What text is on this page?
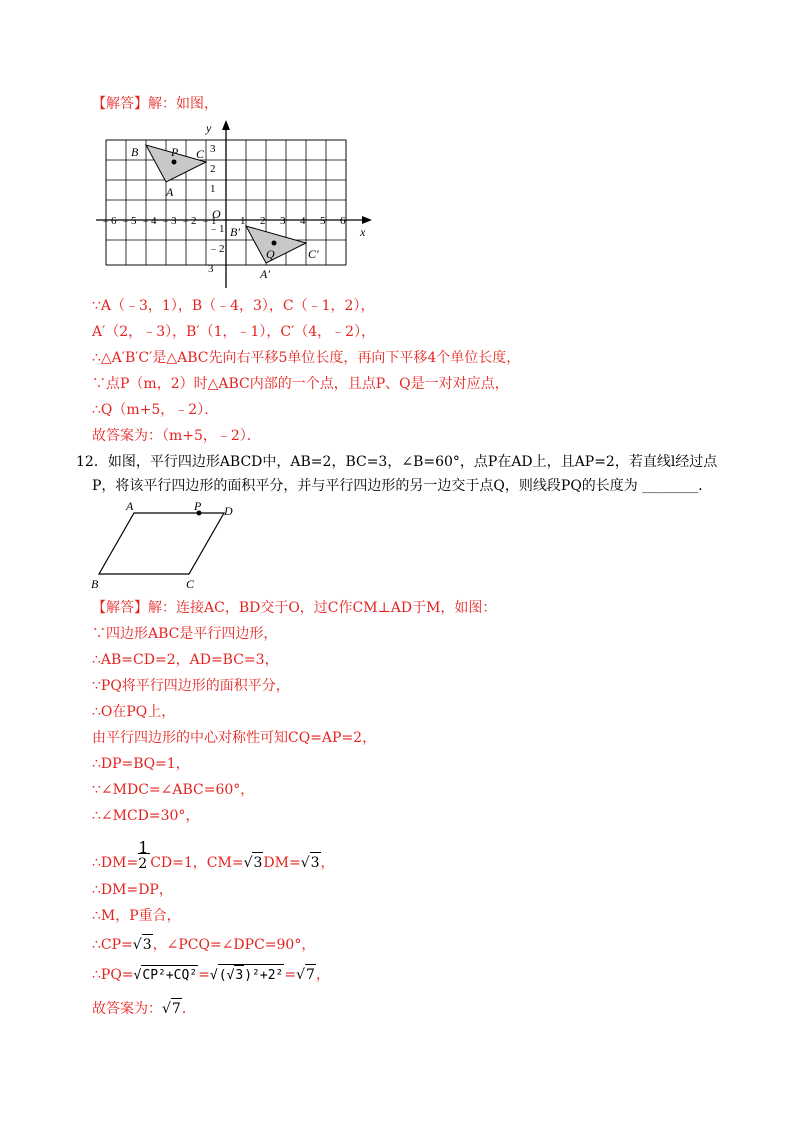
【解答】解：如图，
y
x
O
B	P C
A
B′
Q	C′
A′
﹣6 ﹣5 ﹣4 ﹣3 ﹣2 ﹣1 1 2 3 4 5 6
1
2
3
﹣1
﹣2
3
∵A（﹣3，1），B（﹣4，3），C（﹣1，2），
A′（2，﹣3），B′（1，﹣1），C′（4，﹣2），
∴△A′B′C′是△ABC先向右平移5单位长度，再向下平移4个单位长度，
∵点P（m，2）时△ABC内部的一个点，且点P、Q是一对对应点，
∴Q（m+5，﹣2）．
故答案为：（m+5，﹣2）．
12．如图，平行四边形ABCD中，AB=2，BC=3，∠B=60°，点P在AD上，且AP=2，若直线l经过点
P，将该平行四边形的面积平分，并与平行四边形的另一边交于点Q，则线段PQ的长度为 ________．
A	P D
B	C
【解答】解：连接AC，BD交于O，过C作CM⊥AD于M，如图：
∵四边形ABC是平行四边形，
∴AB=CD=2，AD=BC=3，
∵PQ将平行四边形的面积平分，
∴O在PQ上，
由平行四边形的中心对称性可知CQ=AP=2，
∴DP=BQ=1，
∵∠MDC=∠ABC=60°，
∴∠MCD=30°，
∴DM= $\frac{1}{2} CD=1$，CM=√3DM=√3，
∴DM=DP，
∴M，P重合，
∴CP=√3，∠PCQ=∠DPC=90°，
∴PQ=√CP²+CQ²=√(√3)²+2²=√7，
故答案为：√7．
